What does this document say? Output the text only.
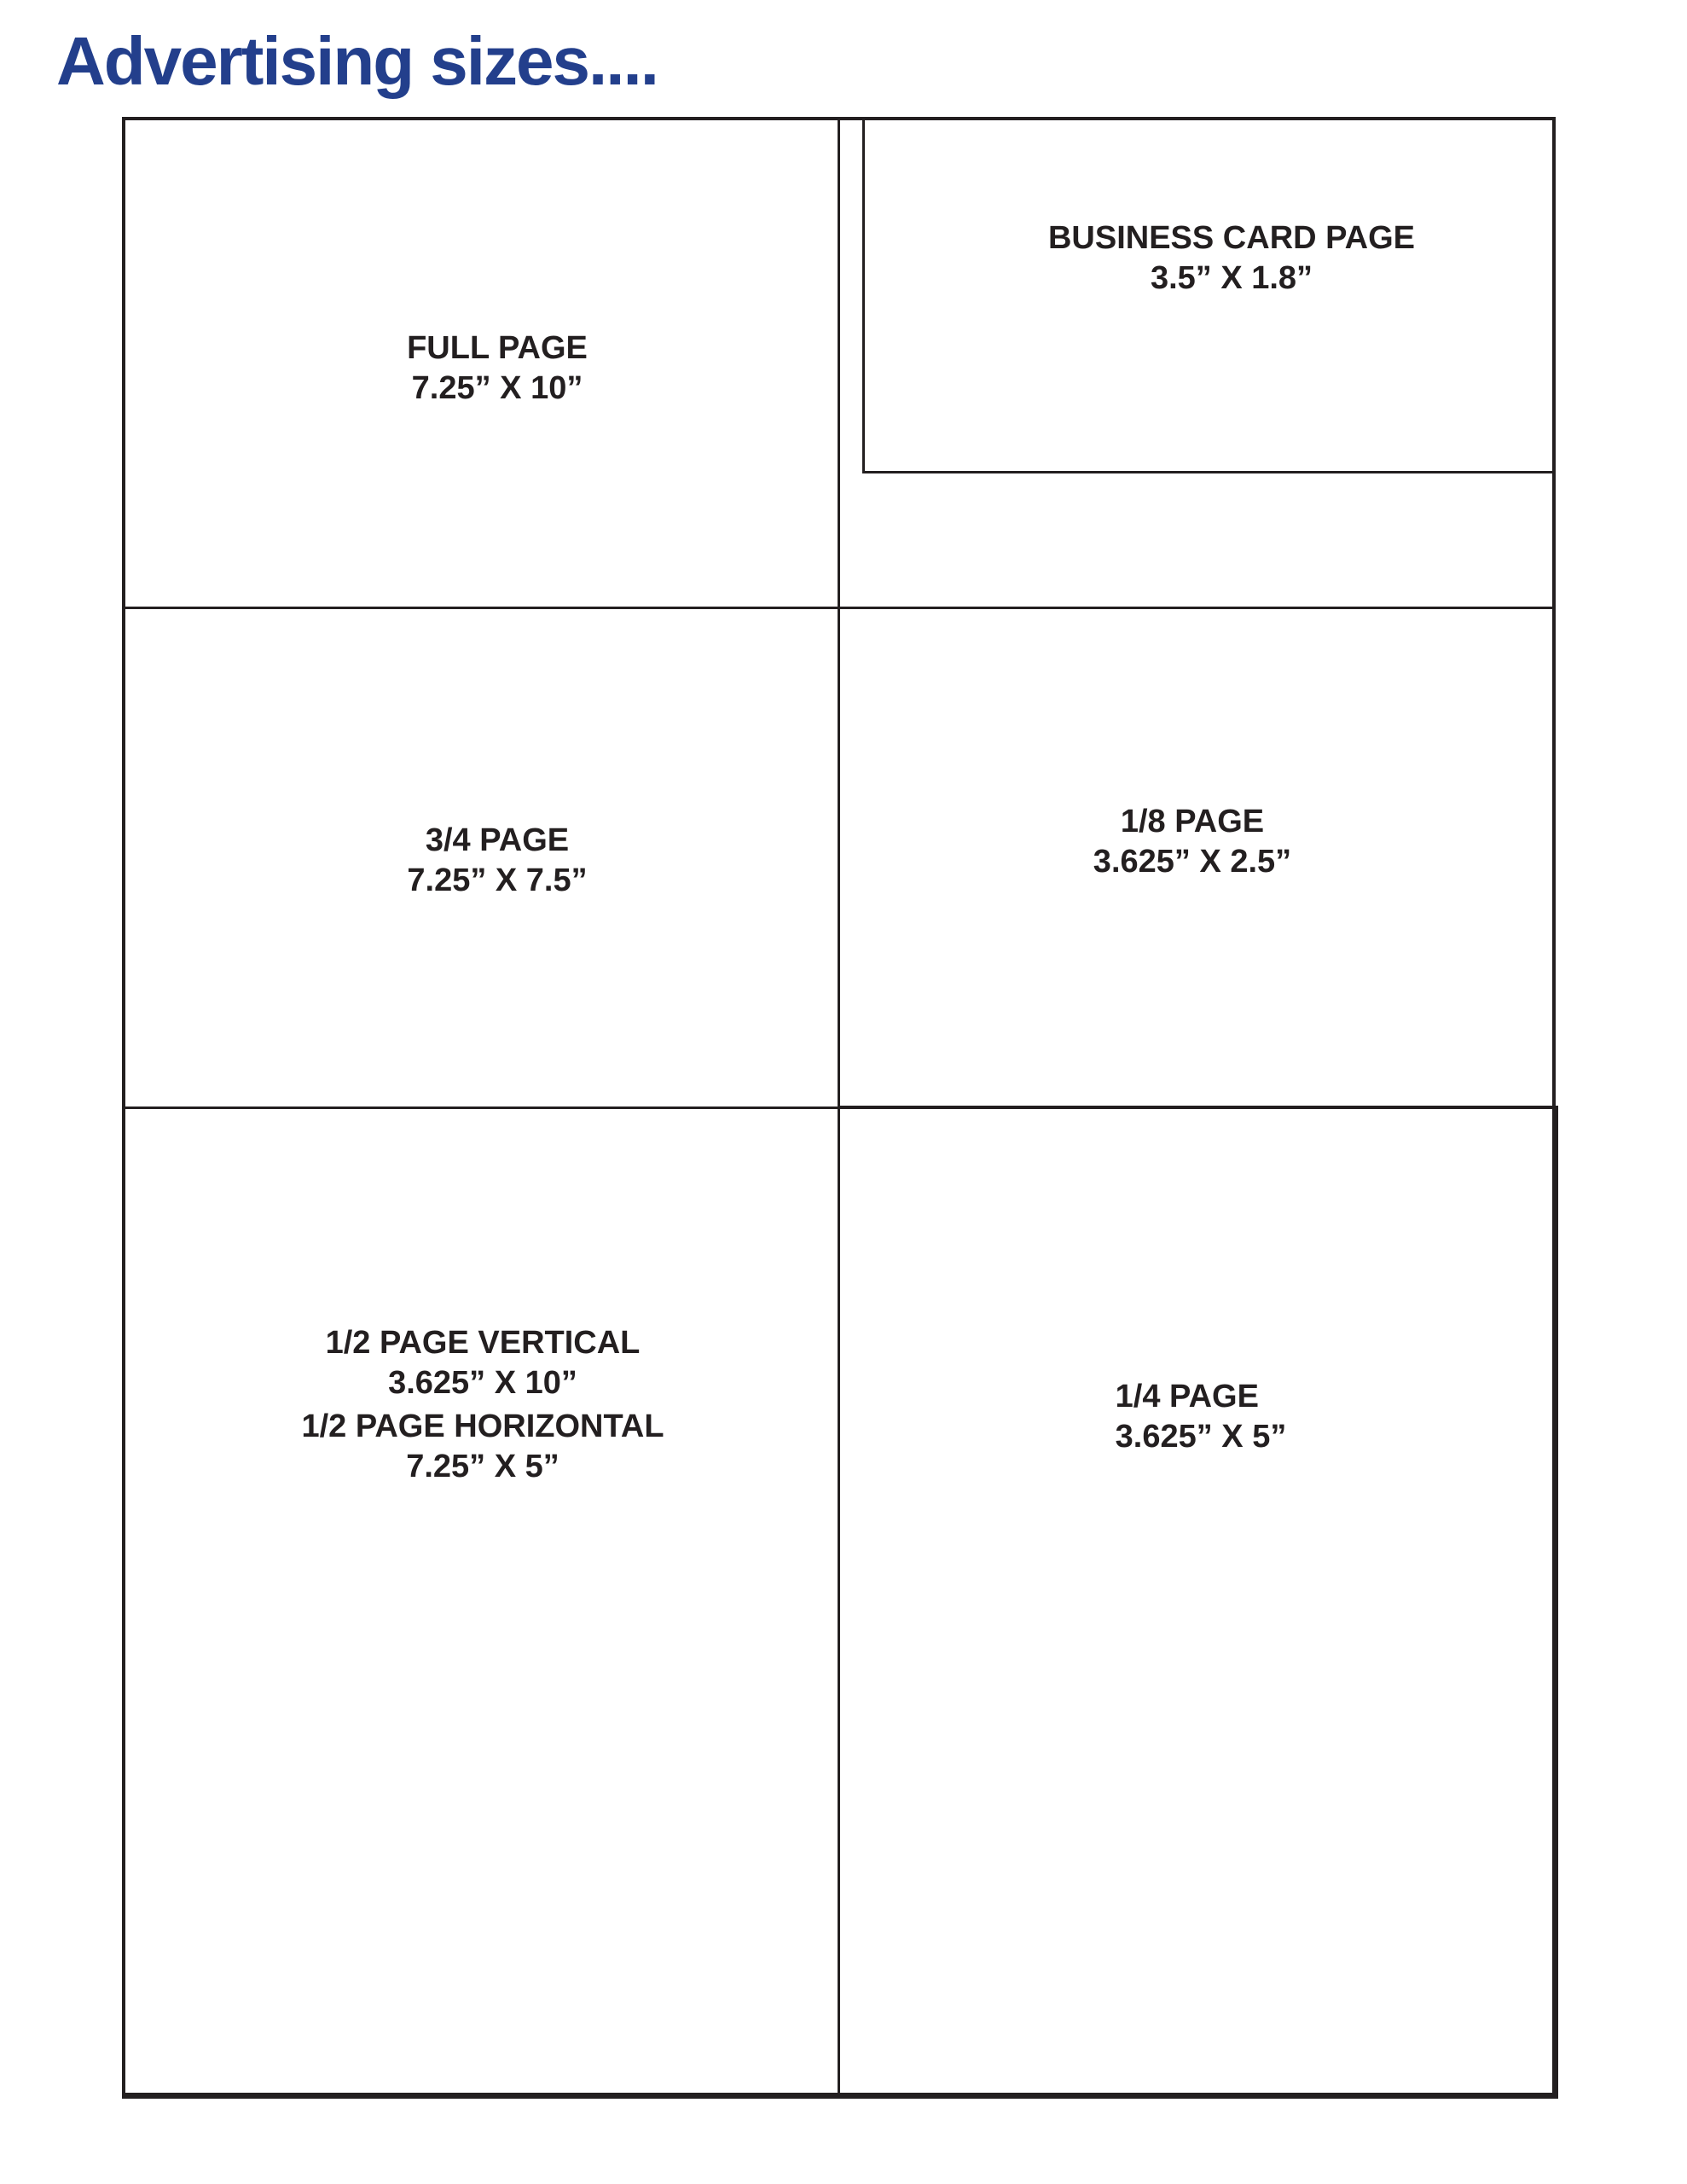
Advertising sizes....
FULL PAGE
7.25” X 10”
BUSINESS CARD PAGE
3.5” X 1.8”
3/4 PAGE
7.25” X 7.5”
1/8 PAGE
3.625” X 2.5”
1/2 PAGE VERTICAL
3.625” X 10”
1/2 PAGE HORIZONTAL
7.25” X 5”
1/4 PAGE
3.625” X 5”
